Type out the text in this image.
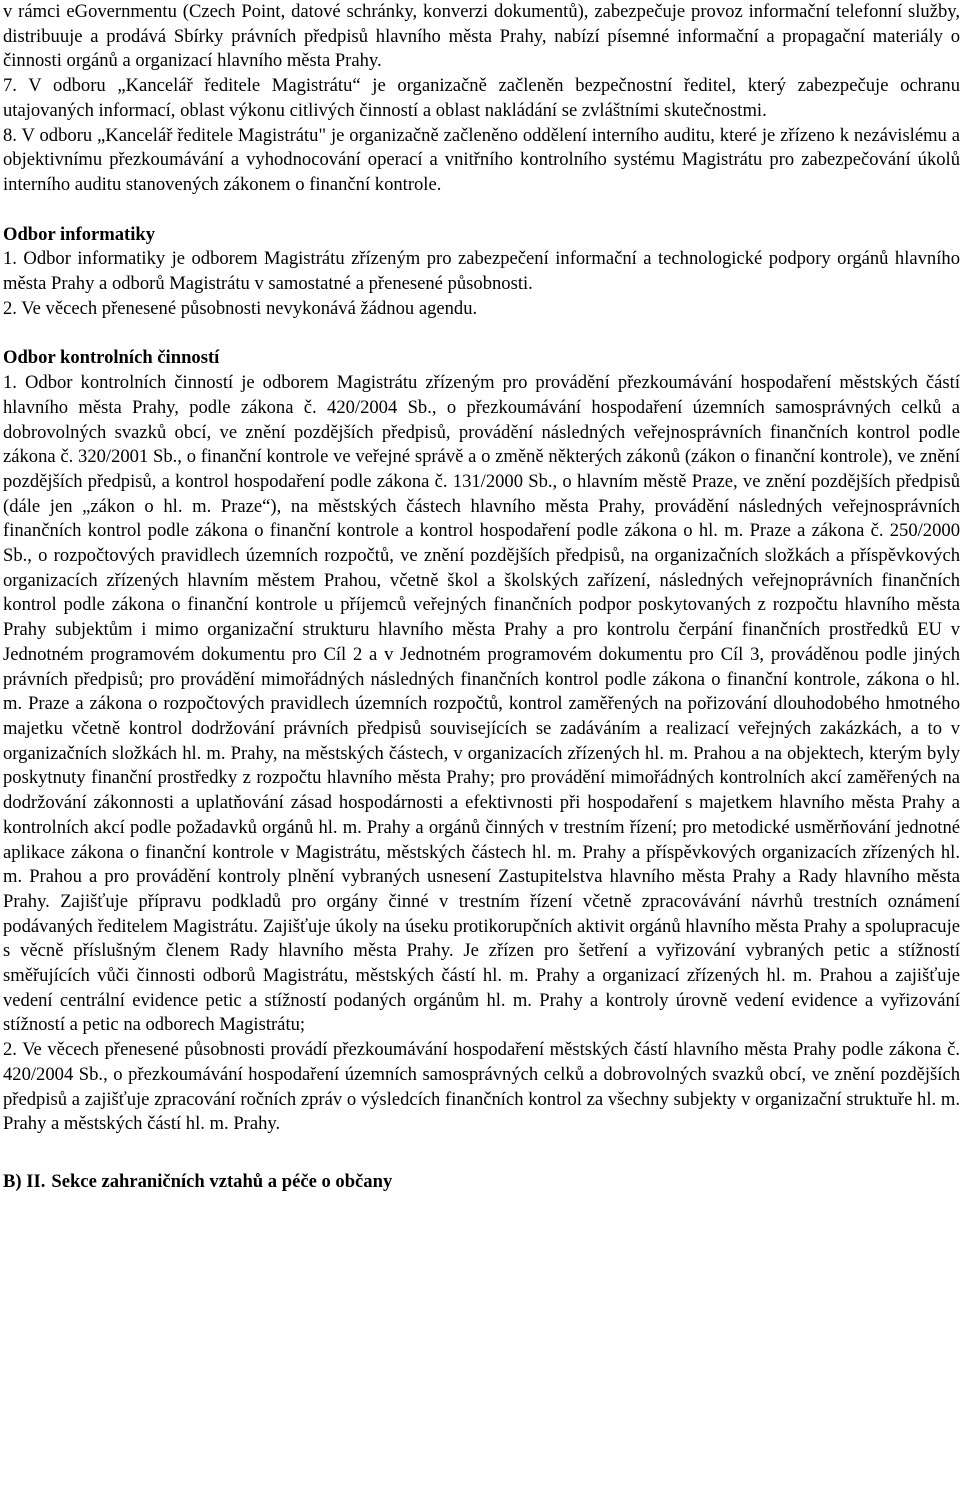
v rámci eGovernmentu (Czech Point, datové schránky, konverzi dokumentů), zabezpečuje provoz informační telefonní služby, distribuuje a prodává Sbírky právních předpisů hlavního města Prahy, nabízí písemné informační a propagační materiály o činnosti orgánů a organizací hlavního města Prahy.

7. V odboru „Kancelář ředitele Magistrátu“ je organizačně začleněn bezpečnostní ředitel, který zabezpečuje ochranu utajovaných informací, oblast výkonu citlivých činností a oblast nakládání se zvláštními skutečnostmi.

8. V odboru „Kancelář ředitele Magistrátu" je organizačně začleněno oddělení interního auditu, které je zřízeno k nezávislému a objektivnímu přezkoumávání a vyhodnocování operací a vnitřního kontrolního systému Magistrátu pro zabezpečování úkolů interního auditu stanovených zákonem o finanční kontrole.

Odbor informatiky

1. Odbor informatiky je odborem Magistrátu zřízeným pro zabezpečení informační a technologické podpory orgánů hlavního města Prahy a odborů Magistrátu v samostatné a přenesené působnosti.

2. Ve věcech přenesené působnosti nevykonává žádnou agendu.

Odbor kontrolních činností

1. Odbor kontrolních činností je odborem Magistrátu zřízeným pro provádění přezkoumávání hospodaření městských částí hlavního města Prahy, podle zákona č. 420/2004 Sb., o přezkoumávání hospodaření územních samosprávných celků a dobrovolných svazků obcí, ve znění pozdějších předpisů, provádění následných veřejnosprávních finančních kontrol podle zákona č. 320/2001 Sb., o finanční kontrole ve veřejné správě a o změně některých zákonů (zákon o finanční kontrole), ve znění pozdějších předpisů, a kontrol hospodaření podle zákona č. 131/2000 Sb., o hlavním městě Praze, ve znění pozdějších předpisů (dále jen „zákon o hl. m. Praze“), na městských částech hlavního města Prahy, provádění následných veřejnosprávních finančních kontrol podle zákona o finanční kontrole a kontrol hospodaření podle zákona o hl. m. Praze a zákona č. 250/2000 Sb., o rozpočtových pravidlech územních rozpočtů, ve znění pozdějších předpisů, na organizačních složkách a příspěvkových organizacích zřízených hlavním městem Prahou, včetně škol a školských zařízení, následných veřejnoprávních finančních kontrol podle zákona o finanční kontrole u příjemců veřejných finančních podpor poskytovaných z rozpočtu hlavního města Prahy subjektům i mimo organizační strukturu hlavního města Prahy a pro kontrolu čerpání finančních prostředků EU v Jednotném programovém dokumentu pro Cíl 2 a v Jednotném programovém dokumentu pro Cíl 3, prováděnou podle jiných právních předpisů; pro provádění mimořádných následných finančních kontrol podle zákona o finanční kontrole, zákona o hl. m. Praze a zákona o rozpočtových pravidlech územních rozpočtů, kontrol zaměřených na pořizování dlouhodobého hmotného majetku včetně kontrol dodržování právních předpisů souvisejících se zadáváním a realizací veřejných zakázkách, a to v organizačních složkách hl. m. Prahy, na městských částech, v organizacích zřízených hl. m. Prahou a na objektech, kterým byly poskytnuty finanční prostředky z rozpočtu hlavního města Prahy; pro provádění mimořádných kontrolních akcí zaměřených na dodržování zákonnosti a uplatňování zásad hospodárnosti a efektivnosti při hospodaření s majetkem hlavního města Prahy a kontrolních akcí podle požadavků orgánů hl. m. Prahy a orgánů činných v trestním řízení; pro metodické usměrňování jednotné aplikace zákona o finanční kontrole v Magistrátu, městských částech hl. m. Prahy a příspěvkových organizacích zřízených hl. m. Prahou a pro provádění kontroly plnění vybraných usnesení Zastupitelstva hlavního města Prahy a Rady hlavního města Prahy. Zajišťuje přípravu podkladů pro orgány činné v trestním řízení včetně zpracovávání návrhů trestních oznámení podávaných ředitelem Magistrátu. Zajišťuje úkoly na úseku protikorupčních aktivit orgánů hlavního města Prahy a spolupracuje s věcně příslušným členem Rady hlavního města Prahy. Je zřízen pro šetření a vyřizování vybraných petic a stížností směřujících vůči činnosti odborů Magistrátu, městských částí hl. m. Prahy a organizací zřízených hl. m. Prahou a zajišťuje vedení centrální evidence petic a stížností podaných orgánům hl. m. Prahy a kontroly úrovně vedení evidence a vyřizování stížností a petic na odborech Magistrátu;

2. Ve věcech přenesené působnosti provádí přezkoumávání hospodaření městských částí hlavního města Prahy podle zákona č. 420/2004 Sb., o přezkoumávání hospodaření územních samosprávných celků a dobrovolných svazků obcí, ve znění pozdějších předpisů a zajišťuje zpracování ročních zpráv o výsledcích finančních kontrol za všechny subjekty v organizační struktuře hl. m. Prahy a městských částí hl. m. Prahy.

B) II. Sekce zahraničních vztahů a péče o občany
